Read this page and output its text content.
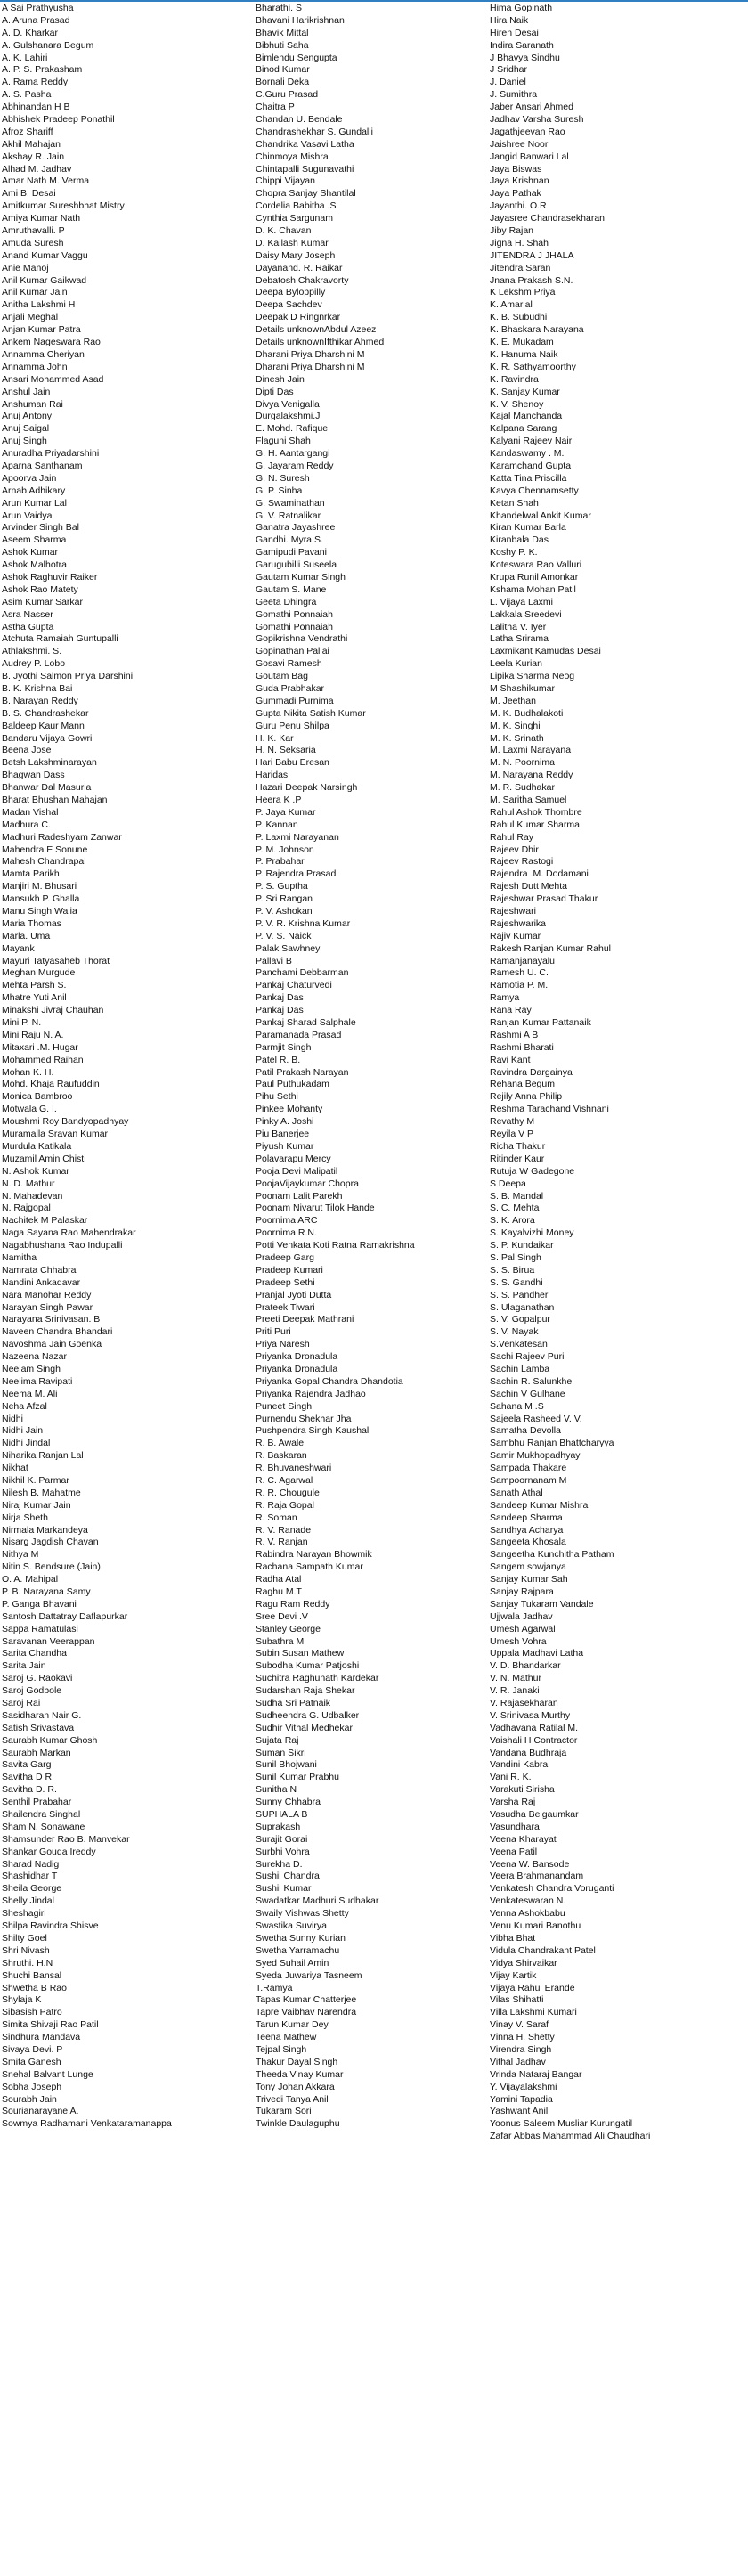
A Sai Prathyusha
A. Aruna Prasad
A. D. Kharkar
A. Gulshanara Begum
A. K. Lahiri
A. P. S. Prakasham
A. Rama Reddy
A. S. Pasha
Abhinandan H B
Abhishek Pradeep Ponathil
Afroz Shariff
Akhil Mahajan
Akshay R. Jain
Alhad M. Jadhav
Amar Nath M. Verma
Ami B. Desai
Amitkumar Sureshbhat Mistry
Amiya Kumar Nath
Amruthavalli. P
Amuda Suresh
Anand Kumar Vaggu
Anie Manoj
Anil Kumar Gaikwad
Anil Kumar Jain
Anitha Lakshmi H
Anjali Meghal
Anjan Kumar Patra
Ankem Nageswara Rao
Annamma Cheriyan
Annamma John
Ansari Mohammed Asad
Anshul Jain
Anshuman Rai
Anuj Antony
Anuj Saigal
Anuj Singh
Anuradha Priyadarshini
Aparna Santhanam
Apoorva Jain
Arnab Adhikary
Arun Kumar Lal
Arun Vaidya
Arvinder Singh Bal
Aseem Sharma
Ashok Kumar
Ashok Malhotra
Ashok Raghuvir Raiker
Ashok Rao Matety
Asim Kumar Sarkar
Asra Nasser
Astha Gupta
Atchuta Ramaiah Guntupalli
Athlakshmi. S.
Audrey P. Lobo
B. Jyothi Salmon Priya Darshini
B. K. Krishna Bai
B. Narayan Reddy
B. S. Chandrashekar
Baldeep Kaur Mann
Bandaru Vijaya Gowri
Beena Jose
Betsh Lakshminarayan
Bhagwan Dass
Bhanwar Dal Masuria
Bharat Bhushan Mahajan
Madan Vishal
Madhura C.
Madhuri Radeshyam Zanwar
Mahendra E Sonune
Mahesh Chandrapal
Mamta Parikh
Manjiri M. Bhusari
Mansukh P. Ghalla
Manu Singh Walia
Maria Thomas
Marla. Uma
Mayank
Mayuri Tatyasaheb Thorat
Meghan Murgude
Mehta Parsh S.
Mhatre Yuti Anil
Minakshi Jivraj Chauhan
Mini P. N.
Mini Raju N. A.
Mitaxari .M. Hugar
Mohammed Raihan
Mohan K. H.
Mohd. Khaja Raufuddin
Monica Bambroo
Motwala G. I.
Moushmi Roy Bandyopadhyay
Muramalla Sravan Kumar
Murdula Katikala
Muzamil Amin Chisti
N. Ashok Kumar
N. D. Mathur
N. Mahadevan
N. Rajgopal
Nachitek M Palaskar
Naga Sayana Rao Mahendrakar
Nagabhushana Rao Indupalli
Namitha
Namrata Chhabra
Nandini Ankadavar
Nara Manohar Reddy
Narayan Singh Pawar
Narayana Srinivasan. B
Naveen Chandra Bhandari
Navoshma Jain Goenka
Nazeena Nazar
Neelam Singh
Neelima Ravipati
Neema M. Ali
Neha Afzal
Nidhi
Nidhi Jain
Nidhi Jindal
Niharika Ranjan Lal
Nikhat
Nikhil K. Parmar
Nilesh B. Mahatme
Niraj Kumar Jain
Nirja Sheth
Nirmala Markandeya
Nisarg Jagdish Chavan
Nithya M
Nitin S. Bendsure (Jain)
O. A. Mahipal
P. B. Narayana Samy
P. Ganga Bhavani
Santosh Dattatray Daflapurkar
Sappa Ramatulasi
Saravanan Veerappan
Sarita Chandha
Sarita Jain
Saroj G. Raokavi
Saroj Godbole
Saroj Rai
Sasidharan Nair G.
Satish Srivastava
Saurabh Kumar Ghosh
Saurabh Markan
Savita Garg
Savitha D R
Savitha D. R.
Senthil Prabahar
Shailendra Singhal
Sham N. Sonawane
Shamsunder Rao B. Manvekar
Shankar Gouda Ireddy
Sharad Nadig
Shashidhar T
Sheila George
Shelly Jindal
Sheshagiri
Shilpa Ravindra Shisve
Shilty Goel
Shri Nivash
Shruthi. H.N
Shuchi Bansal
Shwetha B Rao
Shylaja K
Sibasish Patro
Simita Shivaji Rao Patil
Sindhura Mandava
Sivaya Devi. P
Smita Ganesh
Snehal Balvant Lunge
Sobha Joseph
Sourabh Jain
Sourianarayane A.
Sowmya Radhamani Venkataramanappa
Bharathi. S
Bhavani Harikrishnan
Bhavik Mittal
Bibhuti Saha
Bimlendu Sengupta
Binod Kumar
Bornali Deka
C.Guru Prasad
Chaitra P
Chandan U. Bendale
Chandrashekhar S. Gundalli
Chandrika Vasavi Latha
Chinmoya Mishra
Chintapalli Sugunavathi
Chippi Vijayan
Chopra Sanjay Shantilal
Cordelia Babitha .S
Cynthia Sargunam
D. K. Chavan
D. Kailash Kumar
Daisy Mary Joseph
Dayanand. R. Raikar
Debatosh Chakravorty
Deepa Byloppilly
Deepa Sachdev
Deepak D Ringnrkar
Details unknownAbdul Azeez
Details unknownIfthikar Ahmed
Dharani Priya Dharshini M
Dharani Priya Dharshini M
Dinesh Jain
Dipti Das
Divya Venigalla
Durgalakshmi.J
E. Mohd. Rafique
Flaguni Shah
G. H. Aantargangi
G. Jayaram Reddy
G. N. Suresh
G. P. Sinha
G. Swaminathan
G. V. Ratnalikar
Ganatra Jayashree
Gandhi. Myra S.
Gamipudi Pavani
Garugubilli Suseela
Gautam Kumar Singh
Gautam S. Mane
Geeta Dhingra
Gomathi Ponnaiah
Gomathi Ponnaiah
Gopikrishna Vendrathi
Gopinathan Pallai
Gosavi Ramesh
Goutam Bag
Guda Prabhakar
Gummadi Purnima
Gupta Nikita Satish Kumar
Guru Penu Shilpa
H. K. Kar
H. N. Seksaria
Hari Babu Eresan
Haridas
Hazari Deepak Narsingh
Heera K .P
P. Jaya Kumar
P. Kannan
P. Laxmi Narayanan
P. M. Johnson
P. Prabahar
P. Rajendra Prasad
P. S. Guptha
P. Sri Rangan
P. V. Ashokan
P. V. R. Krishna Kumar
P. V. S. Naick
Palak Sawhney
Pallavi B
Panchami Debbarman
Pankaj Chaturvedi
Pankaj Das
Pankaj Das
Pankaj Sharad Salphale
Paramanada Prasad
Parmjit Singh
Patel R. B.
Patil Prakash Narayan
Paul Puthukadam
Pihu Sethi
Pinkee Mohanty
Pinky A. Joshi
Piu Banerjee
Piyush Kumar
Polavarapu Mercy
Pooja Devi Malipatil
PoojaVijaykumar Chopra
Poonam Lalit Parekh
Poonam Nivarut Tilok Hande
Poornima ARC
Poornima R.N.
Potti Venkata Koti Ratna Ramakrishna
Pradeep Garg
Pradeep Kumari
Pradeep Sethi
Pranjal Jyoti Dutta
Prateek Tiwari
Preeti Deepak Mathrani
Priti Puri
Priya Naresh
Priyanka Dronadula
Priyanka Dronadula
Priyanka Gopal Chandra Dhandotia
Priyanka Rajendra Jadhao
Puneet Singh
Purnendu Shekhar Jha
Pushpendra Singh Kaushal
R. B. Awale
R. Baskaran
R. Bhuvaneshwari
R. C. Agarwal
R. R. Chougule
R. Raja Gopal
R. Soman
R. V. Ranade
R. V. Ranjan
Rabindra Narayan Bhowmik
Rachana Sampath Kumar
Radha Atal
Raghu M.T
Ragu Ram Reddy
Sree Devi .V
Stanley George
Subathra M
Subin Susan Mathew
Subodha Kumar Patjoshi
Suchitra Raghunath Kardekar
Sudarshan Raja Shekar
Sudha Sri Patnaik
Sudheendra G. Udbalker
Sudhir Vithal Medhekar
Sujata Raj
Suman Sikri
Sunil Bhojwani
Sunil Kumar Prabhu
Sunitha N
Sunny Chhabra
SUPHALA B
Suprakash
Surajit Gorai
Surbhi Vohra
Surekha D.
Sushil Chandra
Sushil Kumar
Swadatkar Madhuri Sudhakar
Swaily Vishwas Shetty
Swastika Suvirya
Swetha Sunny Kurian
Swetha Yarramachu
Syed Suhail Amin
Syeda Juwariya Tasneem
T.Ramya
Tapas Kumar Chatterjee
Tapre Vaibhav Narendra
Tarun Kumar Dey
Teena Mathew
Tejpal Singh
Thakur Dayal Singh
Theeda Vinay Kumar
Tony Johan Akkara
Trivedi Tanya Anil
Tukaram Sori
Twinkle Daulaguphu
Hima Gopinath
Hira Naik
Hiren Desai
Indira Saranath
J Bhavya Sindhu
J Sridhar
J. Daniel
J. Sumithra
Jaber Ansari Ahmed
Jadhav Varsha Suresh
Jagathjeevan Rao
Jaishree Noor
Jangid Banwari Lal
Jaya Biswas
Jaya Krishnan
Jaya Pathak
Jayanthi. O.R
Jayasree Chandrasekharan
Jiby Rajan
Jigna H. Shah
JITENDRA J JHALA
Jitendra Saran
Jnana Prakash S.N.
K Lekshm Priya
K. Amarlal
K. B. Subudhi
K. Bhaskara Narayana
K. E. Mukadam
K. Hanuma Naik
K. R. Sathyamoorthy
K. Ravindra
K. Sanjay Kumar
K. V. Shenoy
Kajal Manchanda
Kalpana Sarang
Kalyani Rajeev Nair
Kandaswamy . M.
Karamchand Gupta
Katta Tina Priscilla
Kavya Chennamsetty
Ketan Shah
Khandelwal Ankit Kumar
Kiran Kumar Barla
Kiranbala Das
Koshy P. K.
Koteswara Rao Valluri
Krupa Runil Amonkar
Kshama Mohan Patil
L. Vijaya Laxmi
Lakkala Sreedevi
Lalitha V. Iyer
Latha Srirama
Laxmikant Kamudas Desai
Leela Kurian
Lipika Sharma Neog
M Shashikumar
M. Jeethan
M. K. Budhalakoti
M. K. Singhi
M. K. Srinath
M. Laxmi Narayana
M. N. Poornima
M. Narayana Reddy
M. R. Sudhakar
M. Saritha Samuel
Rahul Ashok Thombre
Rahul Kumar Sharma
Rahul Ray
Rajeev Dhir
Rajeev Rastogi
Rajendra .M. Dodamani
Rajesh Dutt Mehta
Rajeshwar Prasad Thakur
Rajeshwari
Rajeshwarika
Rajiv Kumar
Rakesh Ranjan Kumar Rahul
Ramanjanayalu
Ramesh U. C.
Ramotia P. M.
Ramya
Rana Ray
Ranjan Kumar Pattanaik
Rashmi A B
Rashmi Bharati
Ravi Kant
Ravindra Dargainya
Rehana Begum
Rejily Anna Philip
Reshma Tarachand Vishnani
Revathy M
Reyila V P
Richa Thakur
Ritinder Kaur
Rutuja W Gadegone
S Deepa
S. B. Mandal
S. C. Mehta
S. K. Arora
S. Kayalvizhi Money
S. P. Kundaikar
S. Pal Singh
S. S. Birua
S. S. Gandhi
S. S. Pandher
S. Ulaganathan
S. V. Gopalpur
S. V. Nayak
S.Venkatesan
Sachi Rajeev Puri
Sachin Lamba
Sachin R. Salunkhe
Sachin V Gulhane
Sahana M .S
Sajeela Rasheed V. V.
Samatha Devolla
Sambhu Ranjan Bhattcharyya
Samir Mukhopadhyay
Sampada Thakare
Sampoornanam M
Sanath Athal
Sandeep Kumar Mishra
Sandeep Sharma
Sandhya Acharya
Sangeeta Khosala
Sangeetha Kunchitha Patham
Sangem sowjanya
Sanjay Kumar Sah
Sanjay Rajpara
Sanjay Tukaram Vandale
Ujjwala Jadhav
Umesh Agarwal
Umesh Vohra
Uppala Madhavi Latha
V. D. Bhandarkar
V. N. Mathur
V. R. Janaki
V. Rajasekharan
V. Srinivasa Murthy
Vadhavana Ratilal M.
Vaishali H Contractor
Vandana Budhraja
Vandini Kabra
Vani R. K.
Varakuti Sirisha
Varsha Raj
Vasudha Belgaumkar
Vasundhara
Veena Kharayat
Veena Patil
Veena W. Bansode
Veera Brahmanandam
Venkatesh Chandra Voruganti
Venkateswaran N.
Venna Ashokbabu
Venu Kumari Banothu
Vibha Bhat
Vidula Chandrakant Patel
Vidya Shirvaikar
Vijay Kartik
Vijaya Rahul Erande
Vilas Shihatti
Villa Lakshmi Kumari
Vinay V. Saraf
Vinna H. Shetty
Virendra Singh
Vithal Jadhav
Vrinda Nataraj Bangar
Y. Vijayalakshmi
Yamini Tapadia
Yashwant Anil
Yoonus Saleem Musliar Kurungatil
Zafar Abbas Mahammad Ali Chaudhari
